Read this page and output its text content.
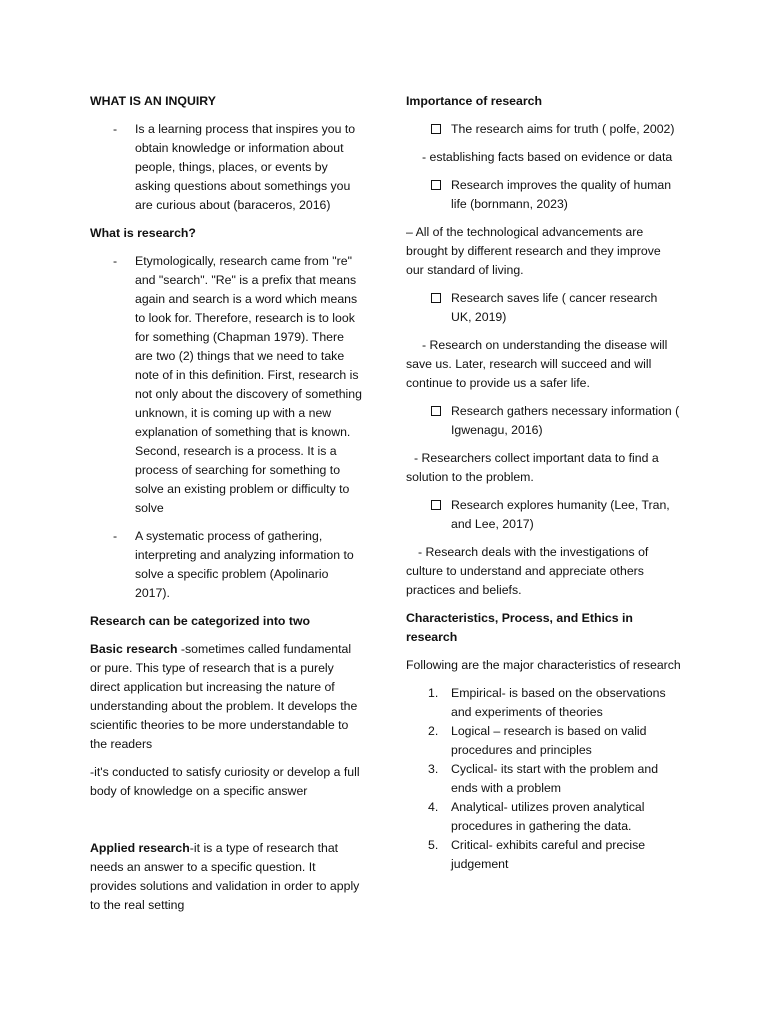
WHAT IS AN INQUIRY

- Is a learning process that inspires you to obtain knowledge or information about people, things, places, or events by asking questions about somethings you are curious about (baraceros, 2016)

What is research?

- Etymologically, research came from "re" and "search". "Re" is a prefix that means again and search is a word which means to look for. Therefore, research is to look for something (Chapman 1979). There are two (2) things that we need to take note of in this definition. First, research is not only about the discovery of something unknown, it is coming up with a new explanation of something that is known. Second, research is a process. It is a process of searching for something to solve an existing problem or difficulty to solve
- A systematic process of gathering, interpreting and analyzing information to solve a specific problem (Apolinario 2017).

Research can be categorized into two

Basic research -sometimes called fundamental or pure. This type of research that is a purely direct application but increasing the nature of understanding about the problem. It develops the scientific theories to be more understandable to the readers

-it's conducted to satisfy curiosity or develop a full body of knowledge on a specific answer

Applied research-it is a type of research that needs an answer to a specific question. It provides solutions and validation in order to apply to the real setting

Importance of research

The research aims for truth ( polfe, 2002)

- establishing facts based on evidence or data

Research improves the quality of human life (bornmann, 2023)

– All of the technological advancements are brought by different research and they improve our standard of living.

Research saves life ( cancer research UK, 2019)

- Research on understanding the disease will save us. Later, research will succeed and will continue to provide us a safer life.

Research gathers necessary information ( Igwenagu, 2016)

- Researchers collect important data to find a solution to the problem.

Research explores humanity (Lee, Tran, and Lee, 2017)

- Research deals with the investigations of culture to understand and appreciate others practices and beliefs.

Characteristics, Process, and Ethics in research

Following are the major characteristics of research

1. Empirical- is based on the observations and experiments of theories
2. Logical – research is based on valid procedures and principles
3. Cyclical- its start with the problem and ends with a problem
4. Analytical- utilizes proven analytical procedures in gathering the data.
5. Critical- exhibits careful and precise judgement
